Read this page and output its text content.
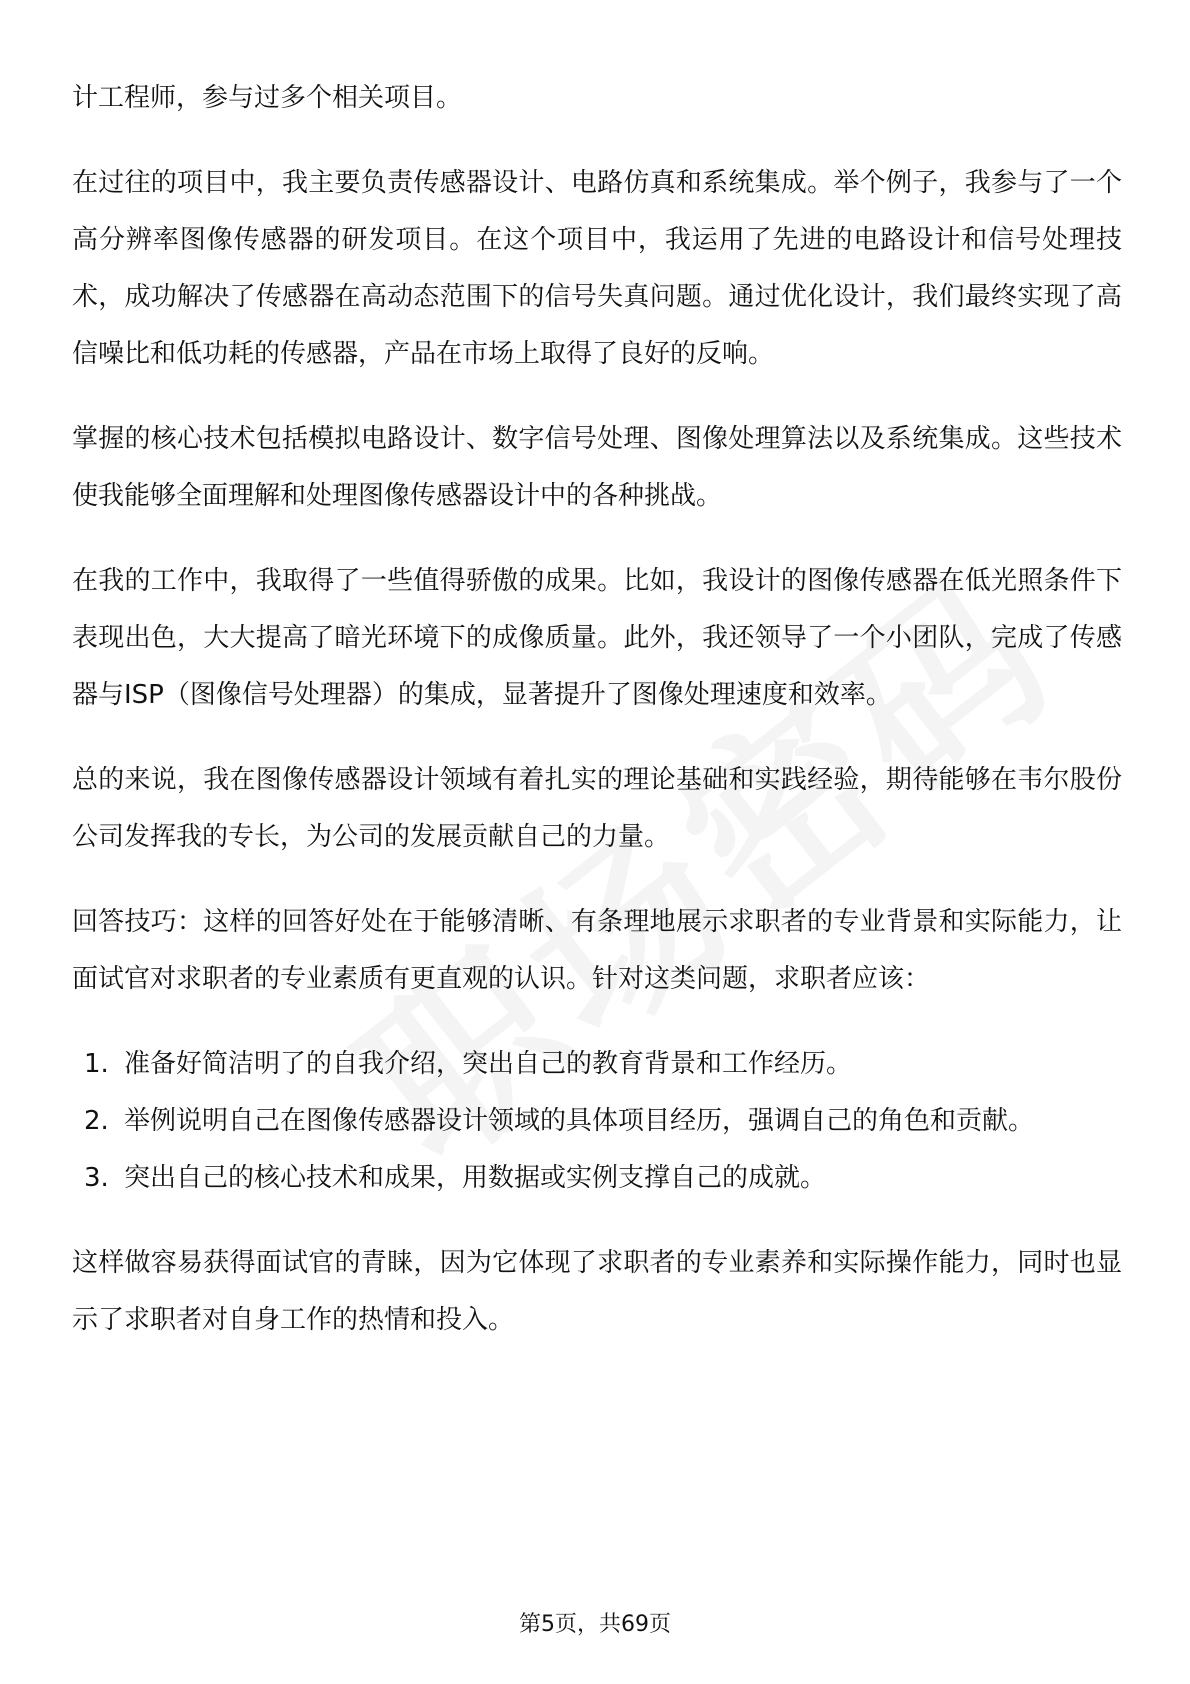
计工程师，参与过多个相关项目。

在过往的项目中，我主要负责传感器设计、电路仿真和系统集成。举个例子，我参与了一个高分辨率图像传感器的研发项目。在这个项目中，我运用了先进的电路设计和信号处理技术，成功解决了传感器在高动态范围下的信号失真问题。通过优化设计，我们最终实现了高信噪比和低功耗的传感器，产品在市场上取得了良好的反响。

掌握的核心技术包括模拟电路设计、数字信号处理、图像处理算法以及系统集成。这些技术使我能够全面理解和处理图像传感器设计中的各种挑战。

在我的工作中，我取得了一些值得骄傲的成果。比如，我设计的图像传感器在低光照条件下表现出色，大大提高了暗光环境下的成像质量。此外，我还领导了一个小团队，完成了传感器与ISP（图像信号处理器）的集成，显著提升了图像处理速度和效率。

总的来说，我在图像传感器设计领域有着扎实的理论基础和实践经验，期待能够在韦尔股份公司发挥我的专长，为公司的发展贡献自己的力量。

回答技巧：这样的回答好处在于能够清晰、有条理地展示求职者的专业背景和实际能力，让面试官对求职者的专业素质有更直观的认识。针对这类问题，求职者应该：

1. 准备好简洁明了的自我介绍，突出自己的教育背景和工作经历。
2. 举例说明自己在图像传感器设计领域的具体项目经历，强调自己的角色和贡献。
3. 突出自己的核心技术和成果，用数据或实例支撑自己的成就。

这样做容易获得面试官的青睐，因为它体现了求职者的专业素养和实际操作能力，同时也显示了求职者对自身工作的热情和投入。

第5页，共69页
